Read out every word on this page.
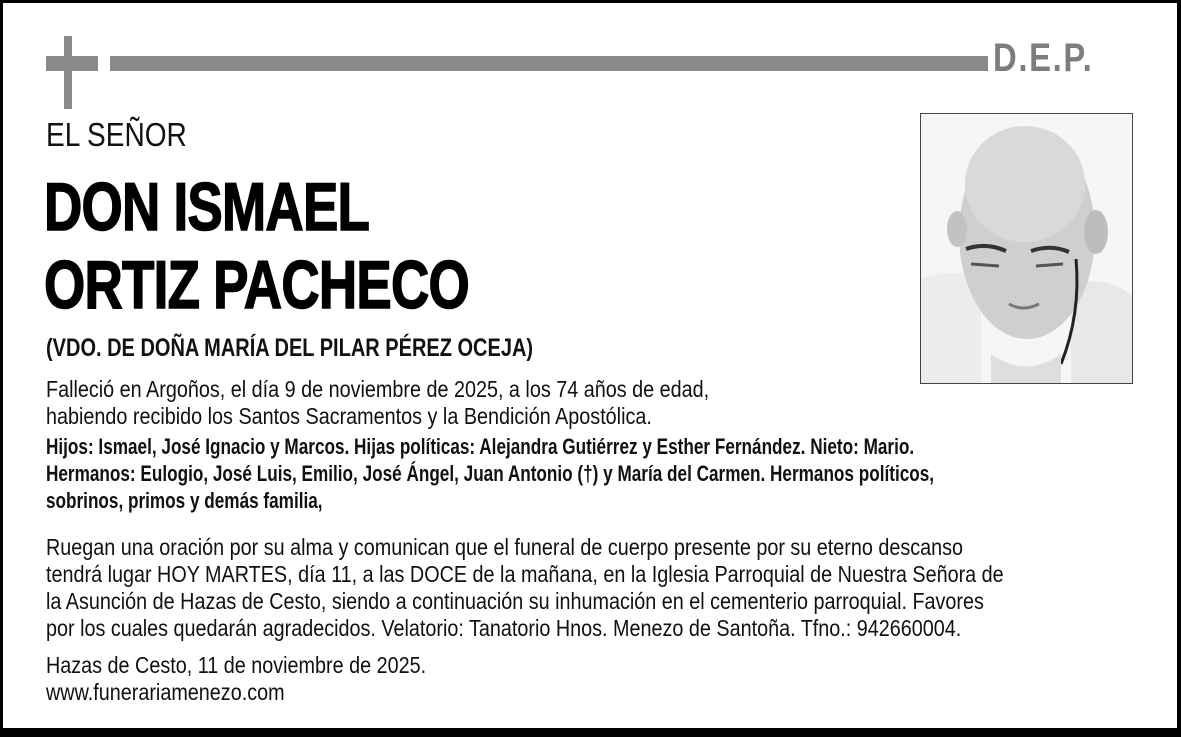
D.E.P.
EL SEÑOR
DON ISMAEL
ORTIZ PACHECO
(VDO. DE DOÑA MARÍA DEL PILAR PÉREZ OCEJA)
Falleció en Argoños, el día 9 de noviembre de 2025, a los 74 años de edad,
habiendo recibido los Santos Sacramentos y la Bendición Apostólica.
Hijos: Ismael, José Ignacio y Marcos. Hijas políticas: Alejandra Gutiérrez y Esther Fernández. Nieto: Mario.
Hermanos: Eulogio, José Luis, Emilio, José Ángel, Juan Antonio (†) y María del Carmen. Hermanos políticos,
sobrinos, primos y demás familia,
Ruegan una oración por su alma y comunican que el funeral de cuerpo presente por su eterno descanso
tendrá lugar HOY MARTES, día 11, a las DOCE de la mañana, en la Iglesia Parroquial de Nuestra Señora de
la Asunción de Hazas de Cesto, siendo a continuación su inhumación en el cementerio parroquial. Favores
por los cuales quedarán agradecidos. Velatorio: Tanatorio Hnos. Menezo de Santoña. Tfno.: 942660004.
Hazas de Cesto, 11 de noviembre de 2025.
www.funerariamenezo.com
